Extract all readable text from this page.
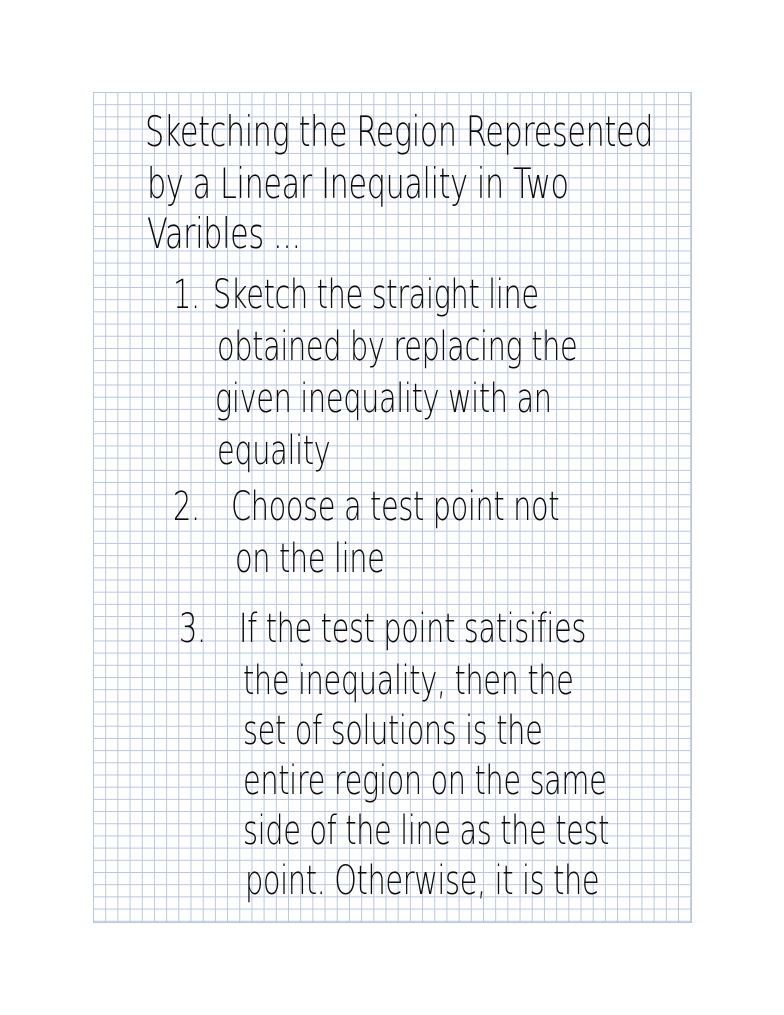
Sketching the Region Represented

by a Linear Inequality in Two

Varibles ...

1. Sketch the straight line

obtained by replacing the

given inequality with an

equality

2. Choose a test point not

on the line

3. If the test point satisifies

the inequality, then the

set of solutions is the

entire region on the same

side of the line as the test

point. Otherwise, it is the
